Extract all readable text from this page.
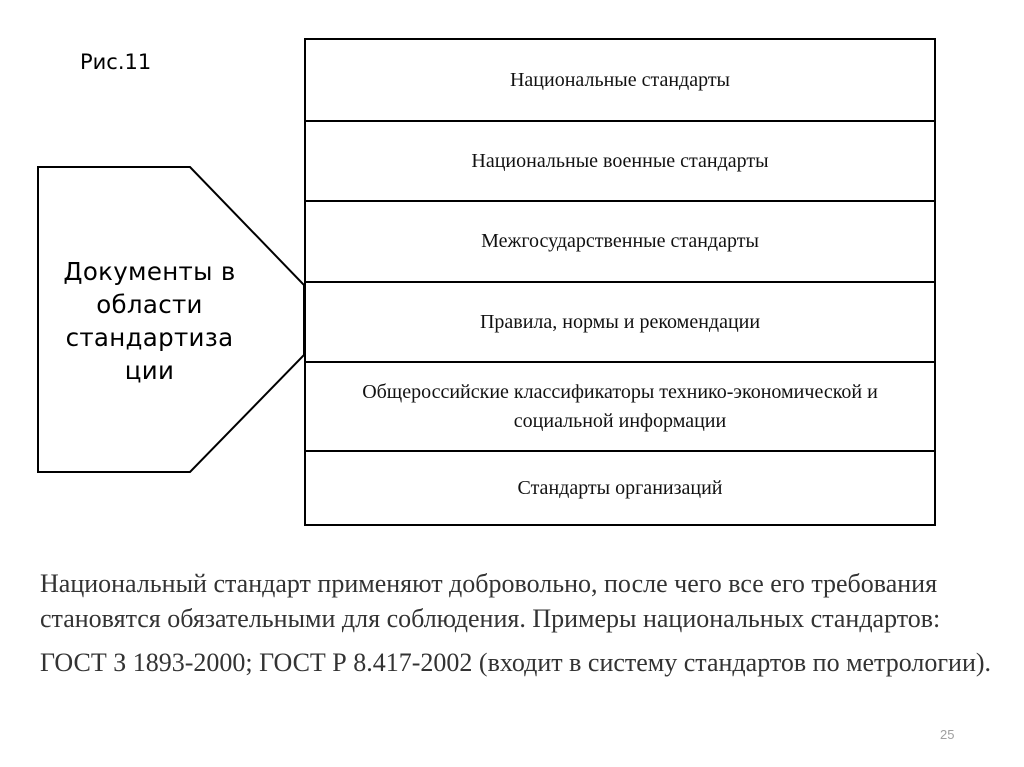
Рис.11
Документы в области стандартиза ции
Национальные стандарты
Национальные военные стандарты
Межгосударственные стандарты
Правила, нормы и рекомендации
Общероссийские классификаторы технико-экономической и социальной информации
Стандарты организаций

Национальный стандарт применяют добровольно, после чего все его требования становятся обязательными для соблюдения. Примеры национальных стандартов:

ГОСТ З 1893-2000; ГОСТ Р 8.417-2002 (входит в систему стандартов по метрологии).

25
